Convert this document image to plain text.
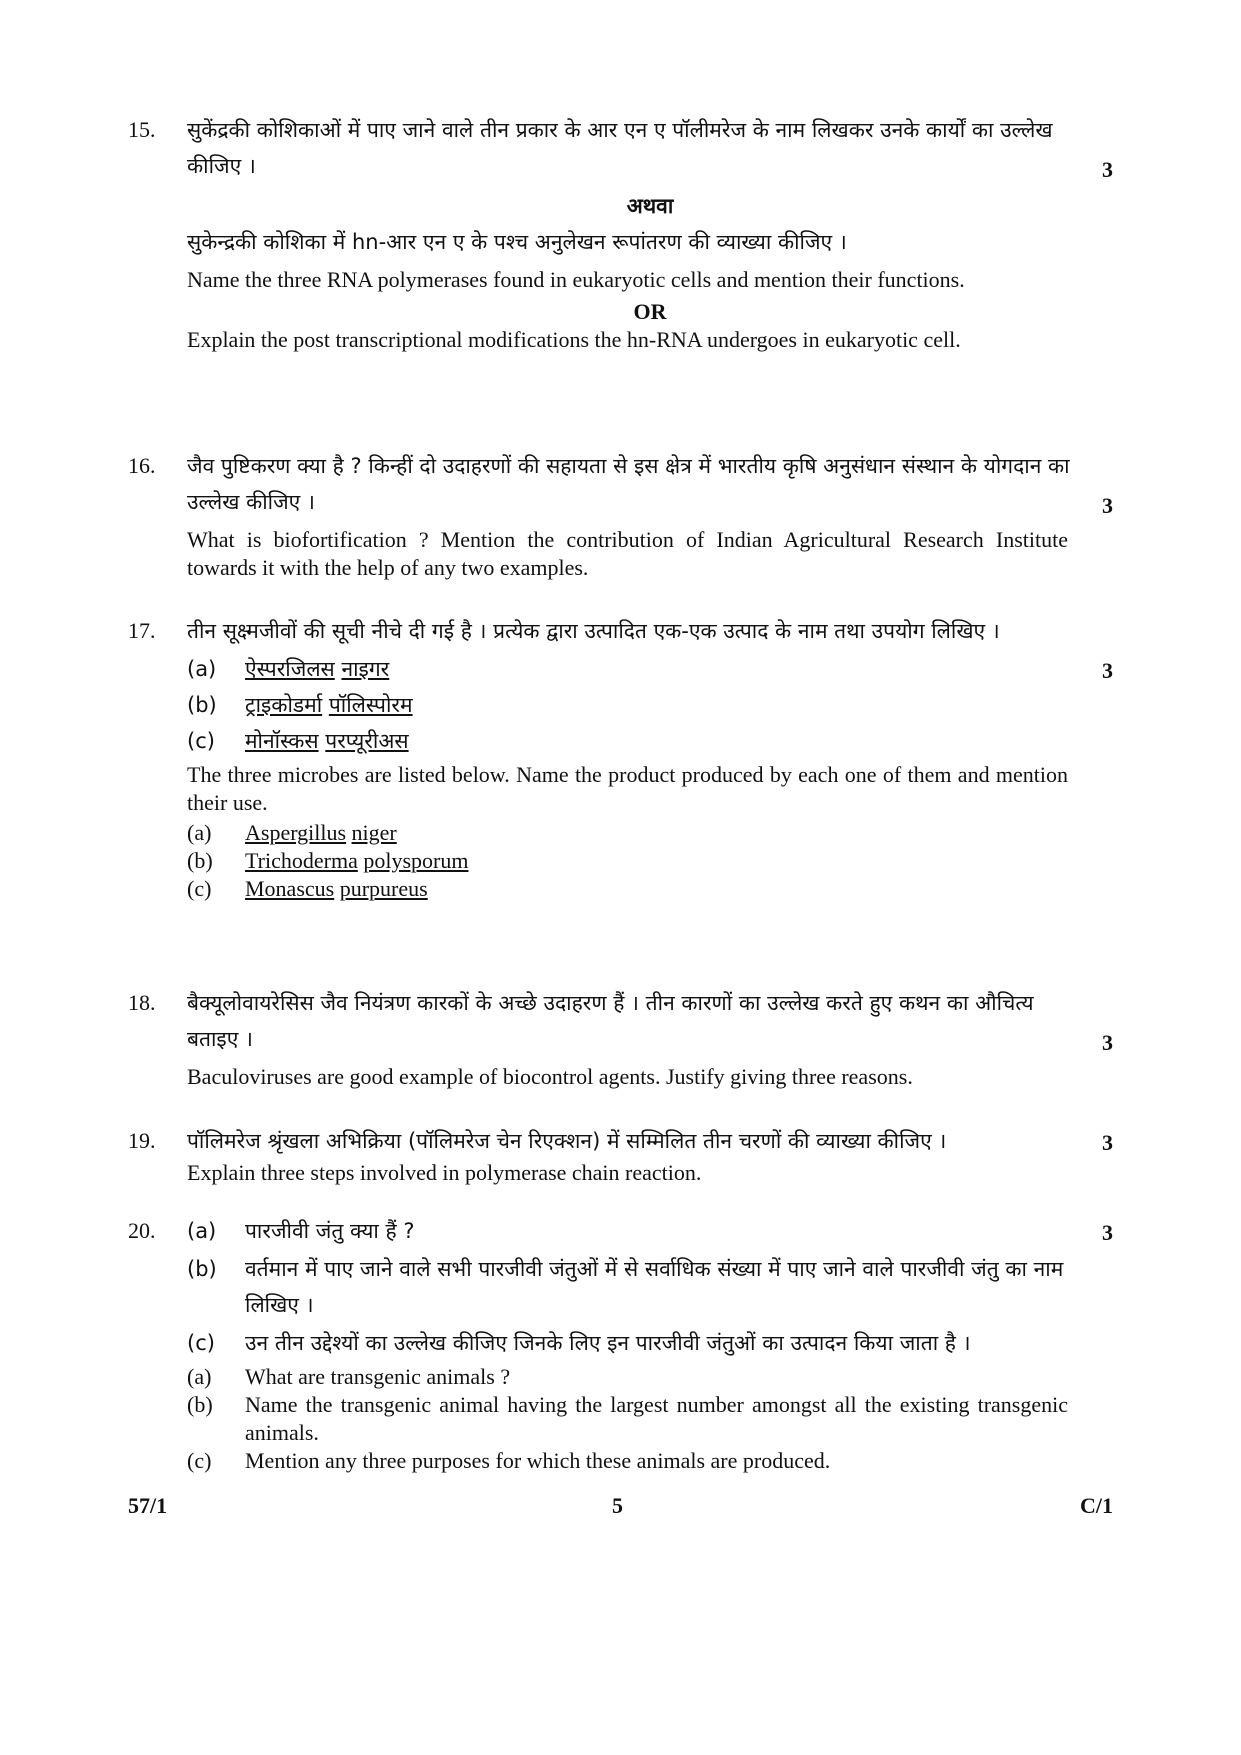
15.	सुकेंद्रकी कोशिकाओं में पाए जाने वाले तीन प्रकार के आर एन ए पॉलीमरेज के नाम लिखकर उनके कार्यों का उल्लेख कीजिए ।
अथवा
सुकेन्द्रकी कोशिका में hn-आर एन ए के पश्च अनुलेखन रूपांतरण की व्याख्या कीजिए ।
Name the three RNA polymerases found in eukaryotic cells and mention their functions.
OR
Explain the post transcriptional modifications the hn-RNA undergoes in eukaryotic cell.
3
16.	जैव पुष्टिकरण क्या है ? किन्हीं दो उदाहरणों की सहायता से इस क्षेत्र में भारतीय कृषि अनुसंधान संस्थान के योगदान का उल्लेख कीजिए ।
What is biofortification ? Mention the contribution of Indian Agricultural Research Institute towards it with the help of any two examples.
3
17.	तीन सूक्ष्मजीवों की सूची नीचे दी गई है । प्रत्येक द्वारा उत्पादित एक-एक उत्पाद के नाम तथा उपयोग लिखिए ।
(a) ऐस्परजिलस नाइगर
(b) ट्राइकोडर्मा पॉलिस्पोरम
(c) मोनॉस्कस परप्यूरीअस
The three microbes are listed below. Name the product produced by each one of them and mention their use.
(a) Aspergillus niger
(b) Trichoderma polysporum
(c) Monascus purpureus
3
18.	बैक्यूलोवायरेसिस जैव नियंत्रण कारकों के अच्छे उदाहरण हैं । तीन कारणों का उल्लेख करते हुए कथन का औचित्य बताइए ।
Baculoviruses are good example of biocontrol agents. Justify giving three reasons.
3
19.	पॉलिमरेज श्रृंखला अभिक्रिया (पॉलिमरेज चेन रिएक्शन) में सम्मिलित तीन चरणों की व्याख्या कीजिए ।
Explain three steps involved in polymerase chain reaction.
3
20.	(a) पारजीवी जंतु क्या हैं ?
(b) वर्तमान में पाए जाने वाले सभी पारजीवी जंतुओं में से सर्वाधिक संख्या में पाए जाने वाले पारजीवी जंतु का नाम लिखिए ।
(c) उन तीन उद्देश्यों का उल्लेख कीजिए जिनके लिए इन पारजीवी जंतुओं का उत्पादन किया जाता है ।
(a) What are transgenic animals ?
(b) Name the transgenic animal having the largest number amongst all the existing transgenic animals.
(c) Mention any three purposes for which these animals are produced.
3
57/1	5	C/1
